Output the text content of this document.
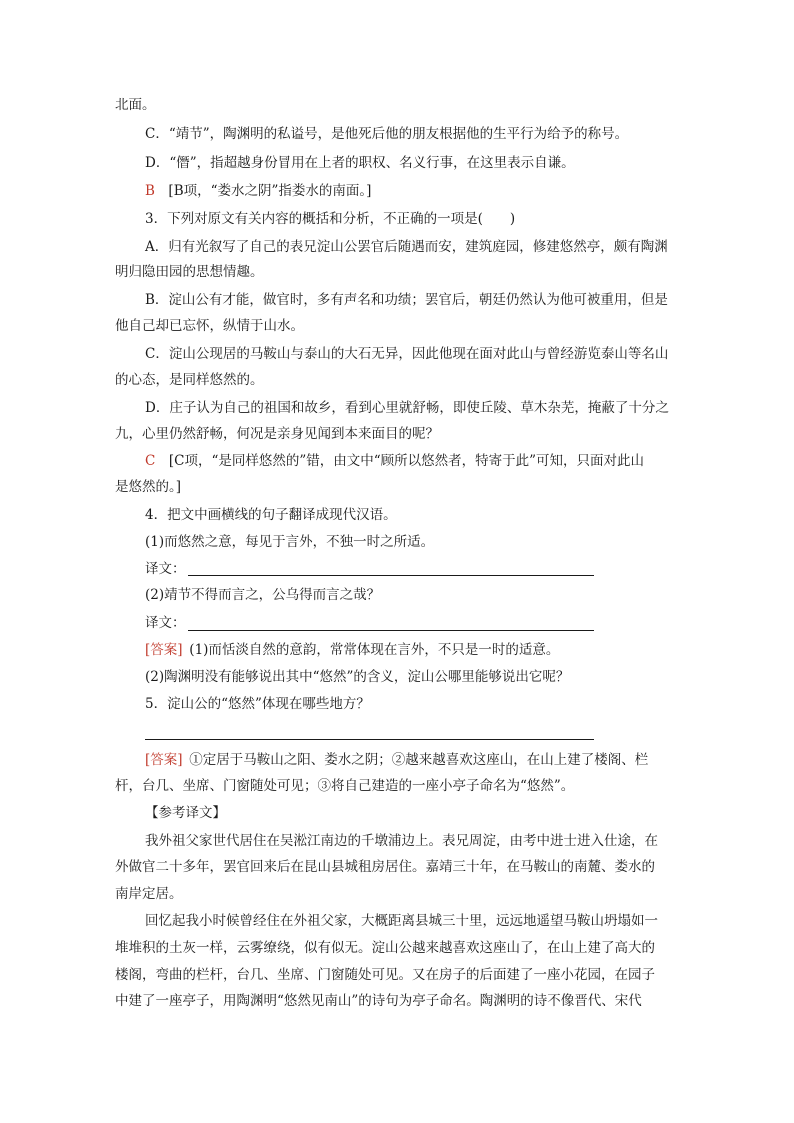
北面。
C．“靖节”，陶渊明的私谥号，是他死后他的朋友根据他的生平行为给予的称号。
D．“僭”，指超越身份冒用在上者的职权、名义行事，在这里表示自谦。
B  [B项，“娄水之阴”指娄水的南面。]
3．下列对原文有关内容的概括和分析，不正确的一项是(　　)
A．归有光叙写了自己的表兄淀山公罢官后随遇而安，建筑庭园，修建悠然亭，颇有陶渊
明归隐田园的思想情趣。
B．淀山公有才能，做官时，多有声名和功绩；罢官后，朝廷仍然认为他可被重用，但是
他自己却已忘怀，纵情于山水。
C．淀山公现居的马鞍山与泰山的大石无异，因此他现在面对此山与曾经游览泰山等名山
的心态，是同样悠然的。
D．庄子认为自己的祖国和故乡，看到心里就舒畅，即使丘陵、草木杂芜，掩蔽了十分之
九，心里仍然舒畅，何况是亲身见闻到本来面目的呢？
C  [C项，“是同样悠然的”错，由文中“顾所以悠然者，特寄于此”可知，只面对此山
是悠然的。]
4．把文中画横线的句子翻译成现代汉语。
(1)而悠然之意，每见于言外，不独一时之所适。
译文：
(2)靖节不得而言之，公乌得而言之哉？
译文：
[答案]  (1)而恬淡自然的意韵，常常体现在言外，不只是一时的适意。
(2)陶渊明没有能够说出其中“悠然”的含义，淀山公哪里能够说出它呢？
5．淀山公的“悠然”体现在哪些地方？
[答案]  ①定居于马鞍山之阳、娄水之阴；②越来越喜欢这座山，在山上建了楼阁、栏
杆，台几、坐席、门窗随处可见；③将自己建造的一座小亭子命名为“悠然”。
【参考译文】
我外祖父家世代居住在吴淞江南边的千墩浦边上。表兄周淀，由考中进士进入仕途，在
外做官二十多年，罢官回来后在昆山县城租房居住。嘉靖三十年，在马鞍山的南麓、娄水的
南岸定居。
回忆起我小时候曾经住在外祖父家，大概距离县城三十里，远远地遥望马鞍山坍塌如一
堆堆积的土灰一样，云雾缭绕，似有似无。淀山公越来越喜欢这座山了，在山上建了高大的
楼阁，弯曲的栏杆，台几、坐席、门窗随处可见。又在房子的后面建了一座小花园，在园子
中建了一座亭子，用陶渊明“悠然见南山”的诗句为亭子命名。陶渊明的诗不像晋代、宋代
